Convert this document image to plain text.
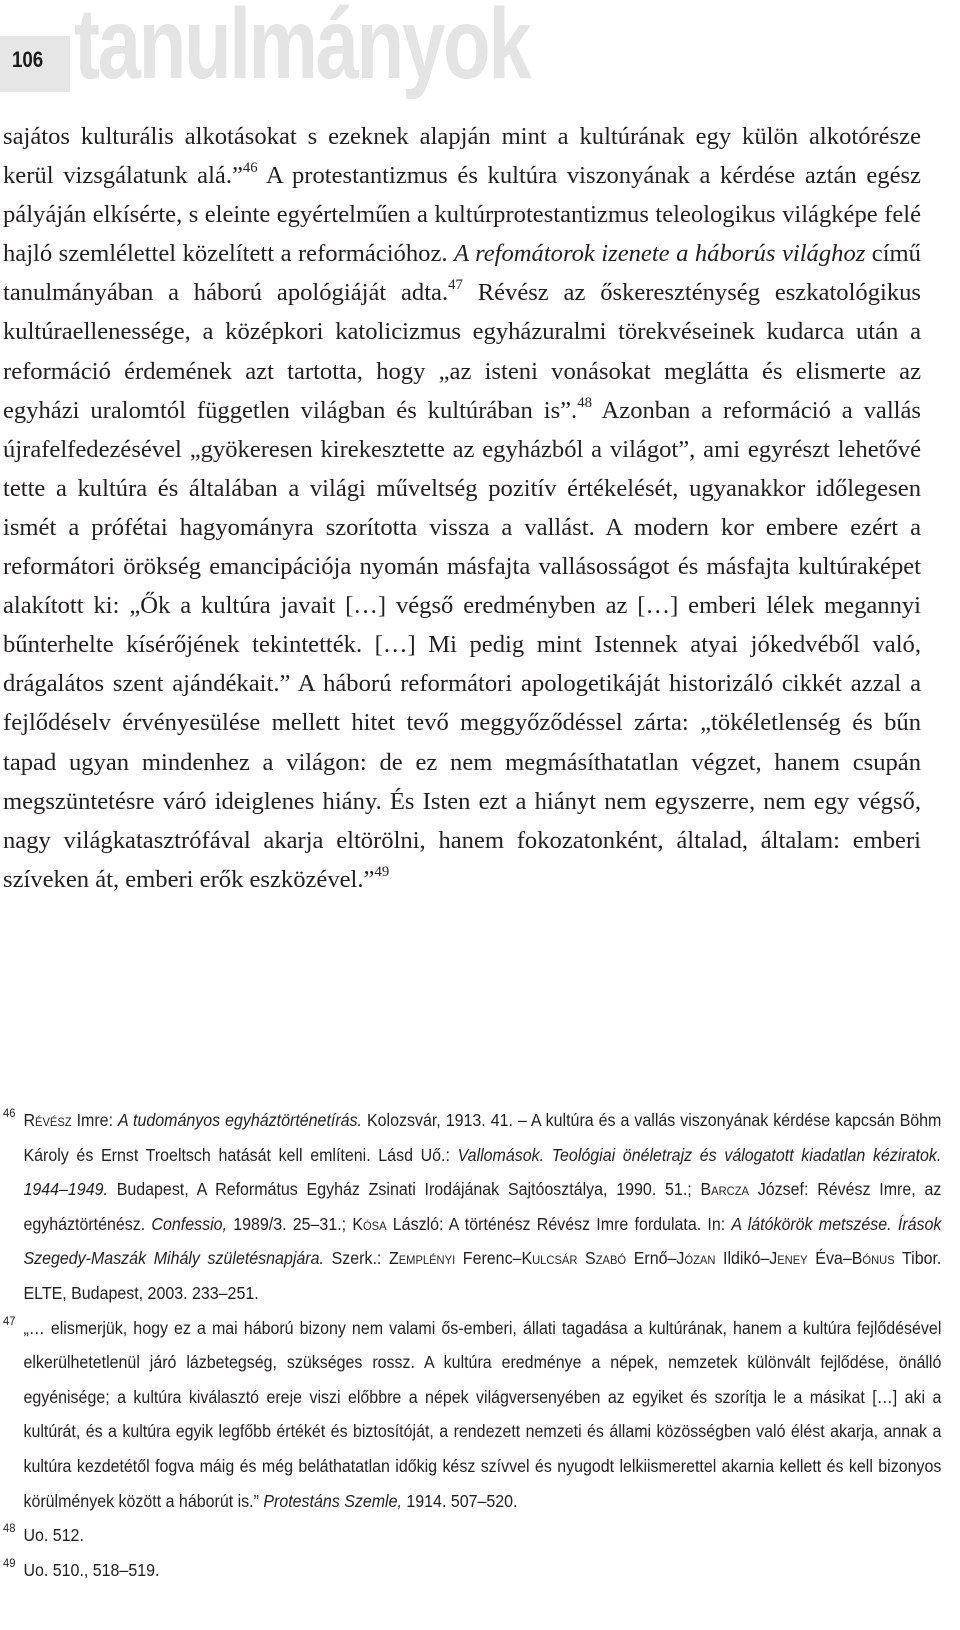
106 tanulmányok

sajátos kulturális alkotásokat s ezeknek alapján mint a kultúrának egy külön alkotórésze kerül vizsgálatunk alá.”$^{46}$ A protestantizmus és kultúra viszonyának a kérdése aztán egész pályáján elkísérte, s eleinte egyértelműen a kultúrprotestantizmus teleologikus világképe felé hajló szemlélettel közelített a reformációhoz. A refomátorok izenete a háborús világhoz című tanulmányában a háború apológiáját adta.$^{47}$ Révész az őskereszténység eszkatológikus kultúraellenessége, a középkori katolicizmus egyházuralmi törekvéseinek kudarca után a reformáció érdemének azt tartotta, hogy „az isteni vonásokat meglátta és elismerte az egyházi uralomtól független világban és kultúrában is”.$^{48}$ Azonban a reformáció a vallás újrafelfedezésével „gyökeresen kirekesztette az egyházból a világot”, ami egyrészt lehetővé tette a kultúra és általában a világi műveltség pozitív értékelését, ugyanakkor időlegesen ismét a prófétai hagyományra szorította vissza a vallást. A modern kor embere ezért a reformátori örökség emancipációja nyomán másfajta vallásosságot és másfajta kultúraképet alakított ki: „Ők a kultúra javait […] végső eredményben az […] emberi lélek megannyi bűnterhelte kísérőjének tekintették. […] Mi pedig mint Istennek atyai jókedvéből való, drágalátos szent ajándékait.” A háború reformátori apologetikáját historizáló cikkét azzal a fejlődéselv érvényesülése mellett hitet tevő meggyőződéssel zárta: „tökéletlenség és bűn tapad ugyan mindenhez a világon: de ez nem megmásíthatatlan végzet, hanem csupán megszüntetésre váró ideiglenes hiány. És Isten ezt a hiányt nem egyszerre, nem egy végső, nagy világkatasztrófával akarja eltörölni, hanem fokozatonként, általad, általam: emberi szíveken át, emberi erők eszközével.”$^{49}$

46 Révész Imre: A tudományos egyháztörténetírás. Kolozsvár, 1913. 41. – A kultúra és a vallás viszonyának kérdése kapcsán Böhm Károly és Ernst Troeltsch hatását kell említeni. Lásd Uő.: Vallomások. Teológiai önéletrajz és válogatott kiadatlan kéziratok. 1944–1949. Budapest, A Református Egyház Zsinati Irodájának Sajtóosztálya, 1990. 51.; Barcza József: Révész Imre, az egyháztörténész. Confessio, 1989/3. 25–31.; Kósa László: A történész Révész Imre fordulata. In: A látókörök metszése. Írások Szegedy-Maszák Mihály születésnapjára. Szerk.: Zemplényi Ferenc–Kulcsár Szabó Ernő–Józan Ildikó–Jeney Éva–Bónus Tibor. ELTE, Budapest, 2003. 233–251.
47 „… elismerjük, hogy ez a mai háború bizony nem valami ős-emberi, állati tagadása a kultúrának, hanem a kultúra fejlődésével elkerülhetetlenül járó lázbetegség, szükséges rossz. A kultúra eredménye a népek, nemzetek különvált fejlődése, önálló egyénisége; a kultúra kiválasztó ereje viszi előbbre a népek világversenyében az egyiket és szorítja le a másikat […] aki a kultúrát, és a kultúra egyik legfőbb értékét és biztosítóját, a rendezett nemzeti és állami közösségben való élést akarja, annak a kultúra kezdetétől fogva máig és még beláthatatlan időkig kész szívvel és nyugodt lelkiismerettel akarnia kellett és kell bizonyos körülmények között a háborút is.” Protestáns Szemle, 1914. 507–520.
48 Uo. 512.
49 Uo. 510., 518–519.
